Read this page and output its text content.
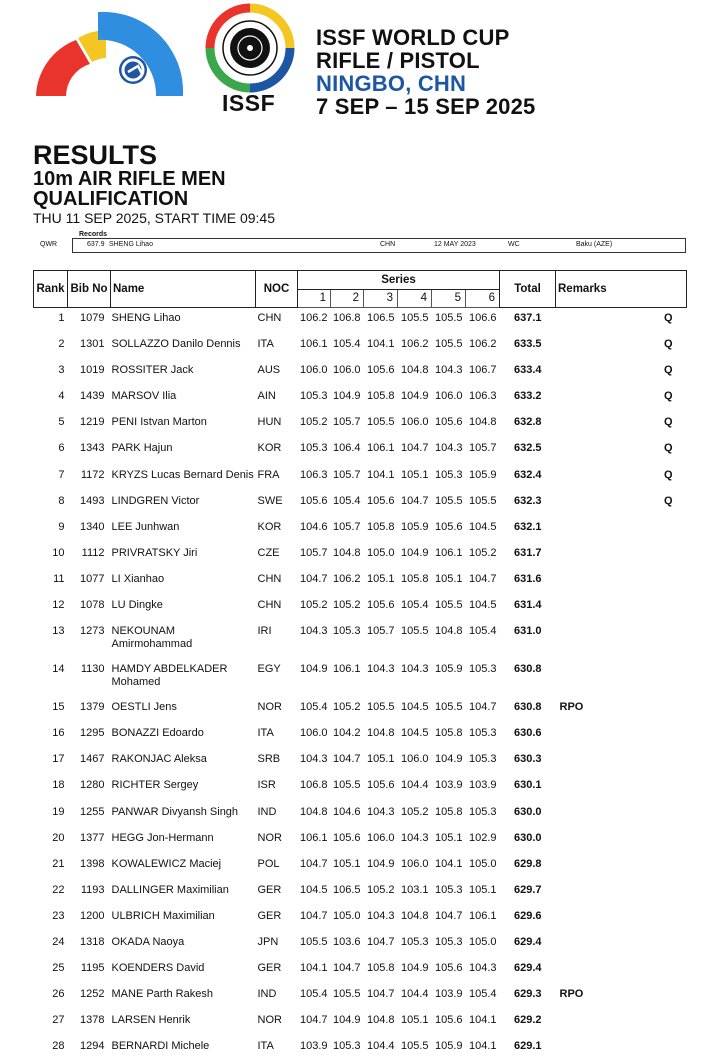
ISSF
ISSF WORLD CUP
RIFLE / PISTOL
NINGBO, CHN
7 SEP – 15 SEP 2025
RESULTS
10m AIR RIFLE MEN
QUALIFICATION
THU 11 SEP 2025, START TIME 09:45
Records
QWR	637.9 SHENG Lihao	CHN	12 MAY 2023	WC	Baku (AZE)
Rank	Bib No	Name	NOC	Series						Total	Remarks
				1	2	3	4	5	6		
1	1079	SHENG Lihao	CHN	106.2	106.8	106.5	105.5	105.5	106.6	637.1	Q

2	1301	SOLLAZZO Danilo Dennis	ITA	106.1	105.4	104.1	106.2	105.5	106.2	633.5	Q

3	1019	ROSSITER Jack	AUS	106.0	106.0	105.6	104.8	104.3	106.7	633.4	Q

4	1439	MARSOV Ilia	AIN	105.3	104.9	105.8	104.9	106.0	106.3	633.2	Q

5	1219	PENI Istvan Marton	HUN	105.2	105.7	105.5	106.0	105.6	104.8	632.8	Q

6	1343	PARK Hajun	KOR	105.3	106.4	106.1	104.7	104.3	105.7	632.5	Q

7	1172	KRYZS Lucas Bernard Denis	FRA	106.3	105.7	104.1	105.1	105.3	105.9	632.4	Q

8	1493	LINDGREN Victor	SWE	105.6	105.4	105.6	104.7	105.5	105.5	632.3	Q

9	1340	LEE Junhwan	KOR	104.6	105.7	105.8	105.9	105.6	104.5	632.1	

10	1112	PRIVRATSKY Jiri	CZE	105.7	104.8	105.0	104.9	106.1	105.2	631.7	

11	1077	LI Xianhao	CHN	104.7	106.2	105.1	105.8	105.1	104.7	631.6	

12	1078	LU Dingke	CHN	105.2	105.2	105.6	105.4	105.5	104.5	631.4	

13	1273	NEKOUNAM
Amirmohammad	IRI	104.3	105.3	105.7	105.5	104.8	105.4	631.0	

14	1130	HAMDY ABDELKADER
Mohamed	EGY	104.9	106.1	104.3	104.3	105.9	105.3	630.8	

15	1379	OESTLI Jens	NOR	105.4	105.2	105.5	104.5	105.5	104.7	630.8	RPO

16	1295	BONAZZI Edoardo	ITA	106.0	104.2	104.8	104.5	105.8	105.3	630.6	

17	1467	RAKONJAC Aleksa	SRB	104.3	104.7	105.1	106.0	104.9	105.3	630.3	

18	1280	RICHTER Sergey	ISR	106.8	105.5	105.6	104.4	103.9	103.9	630.1	

19	1255	PANWAR Divyansh Singh	IND	104.8	104.6	104.3	105.2	105.8	105.3	630.0	

20	1377	HEGG Jon-Hermann	NOR	106.1	105.6	106.0	104.3	105.1	102.9	630.0	

21	1398	KOWALEWICZ Maciej	POL	104.7	105.1	104.9	106.0	104.1	105.0	629.8	

22	1193	DALLINGER Maximilian	GER	104.5	106.5	105.2	103.1	105.3	105.1	629.7	

23	1200	ULBRICH Maximilian	GER	104.7	105.0	104.3	104.8	104.7	106.1	629.6	

24	1318	OKADA Naoya	JPN	105.5	103.6	104.7	105.3	105.3	105.0	629.4	

25	1195	KOENDERS David	GER	104.1	104.7	105.8	104.9	105.6	104.3	629.4	

26	1252	MANE Parth Rakesh	IND	105.4	105.5	104.7	104.4	103.9	105.4	629.3	RPO

27	1378	LARSEN Henrik	NOR	104.7	104.9	104.8	105.1	105.6	104.1	629.2	

28	1294	BERNARDI Michele	ITA	103.9	105.3	104.4	105.5	105.9	104.1	629.1	
